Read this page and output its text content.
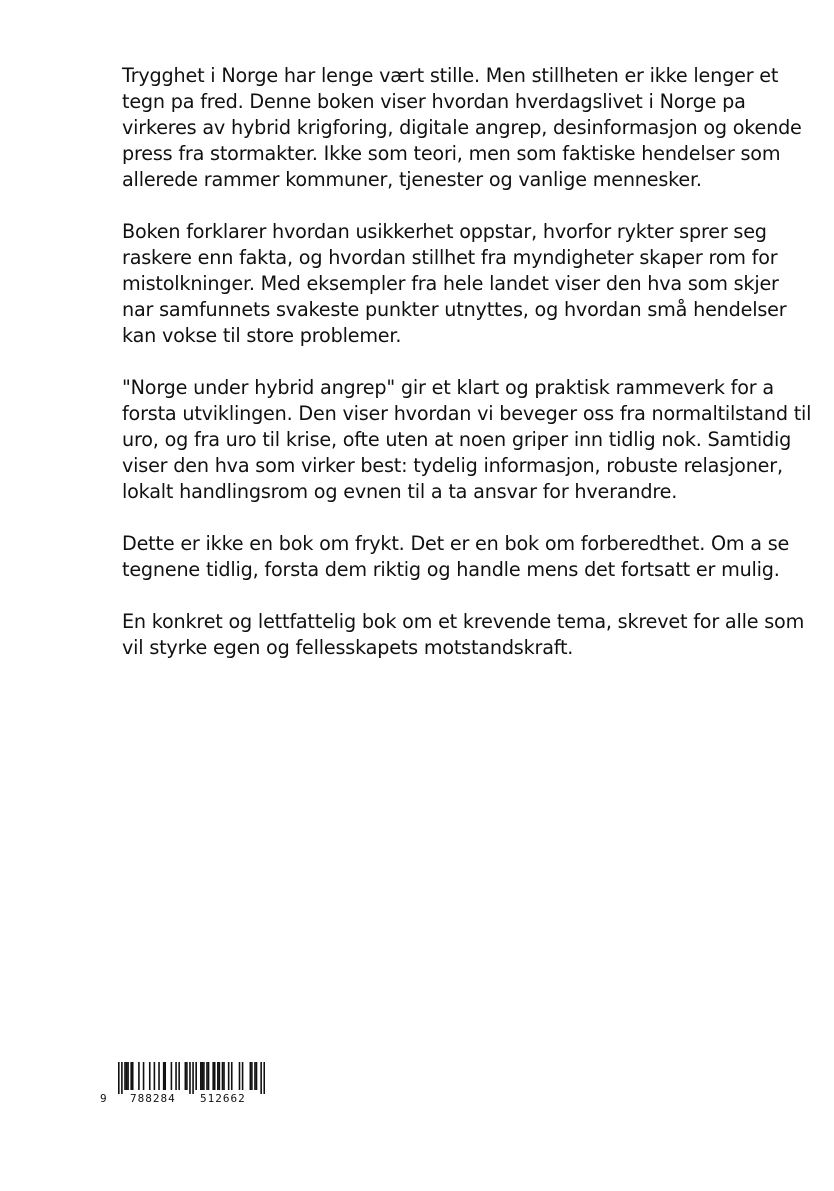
Trygghet i Norge har lenge vært stille. Men stillheten er ikke lenger et tegn pa fred. Denne boken viser hvordan hverdagslivet i Norge pa virkeres av hybrid krigforing, digitale angrep, desinformasjon og okende press fra stormakter. Ikke som teori, men som faktiske hendelser som allerede rammer kommuner, tjenester og vanlige mennesker.

Boken forklarer hvordan usikkerhet oppstar, hvorfor rykter sprer seg raskere enn fakta, og hvordan stillhet fra myndigheter skaper rom for mistolkninger. Med eksempler fra hele landet viser den hva som skjer nar samfunnets svakeste punkter utnyttes, og hvordan små hendelser kan vokse til store problemer.

"Norge under hybrid angrep" gir et klart og praktisk rammeverk for a forsta utviklingen. Den viser hvordan vi beveger oss fra normaltilstand til uro, og fra uro til krise, ofte uten at noen griper inn tidlig nok. Samtidig viser den hva som virker best: tydelig informasjon, robuste relasjoner, lokalt handlingsrom og evnen til a ta ansvar for hverandre.

Dette er ikke en bok om frykt. Det er en bok om forberedthet. Om a se tegnene tidlig, forsta dem riktig og handle mens det fortsatt er mulig.

En konkret og lettfattelig bok om et krevende tema, skrevet for alle som vil styrke egen og fellesskapets motstandskraft.

9 788284 512662
